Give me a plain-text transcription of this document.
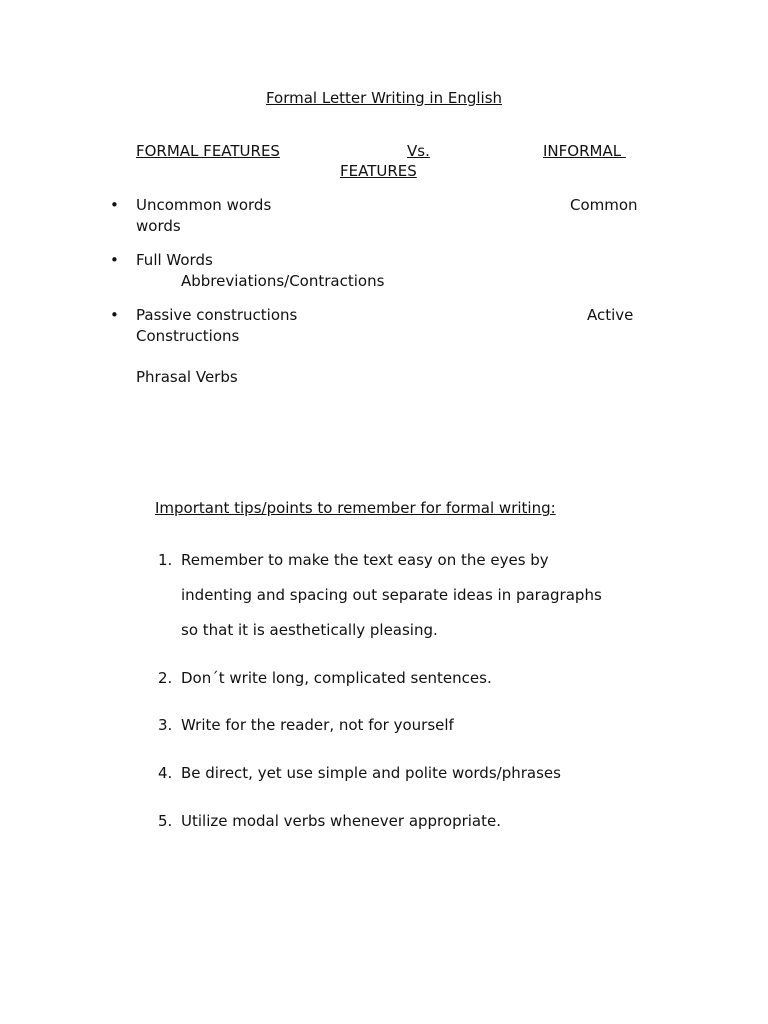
Formal Letter Writing in English
FORMAL FEATURES	Vs.	INFORMAL
FEATURES
• Uncommon words	Common
words
• Full Words
Abbreviations/Contractions
• Passive constructions	Active
Constructions
Phrasal Verbs
Important tips/points to remember for formal writing:
1. Remember to make the text easy on the eyes by
indenting and spacing out separate ideas in paragraphs
so that it is aesthetically pleasing.
2. Don´t write long, complicated sentences.
3. Write for the reader, not for yourself
4. Be direct, yet use simple and polite words/phrases
5. Utilize modal verbs whenever appropriate.
